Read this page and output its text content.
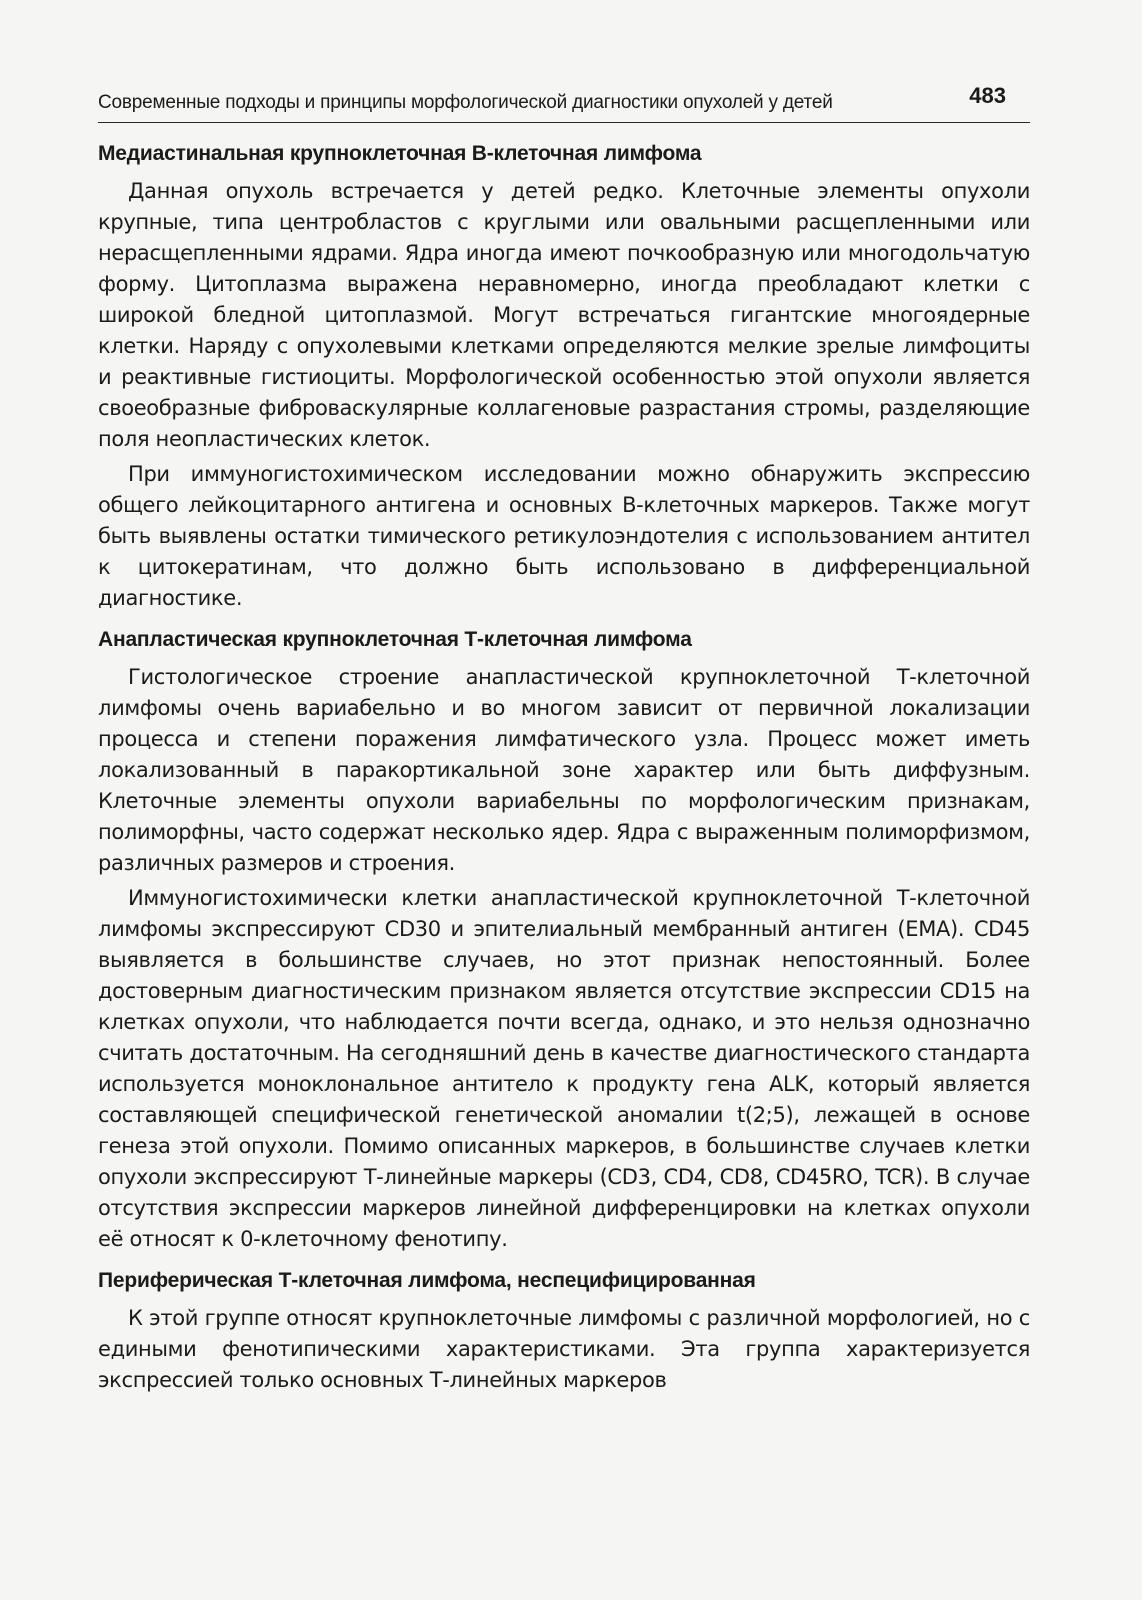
Современные подходы и принципы морфологической диагностики опухолей у детей	483
Медиастинальная крупноклеточная В-клеточная лимфома

Данная опухоль встречается у детей редко. Клеточные элементы опухоли крупные, типа центробластов с круглыми или овальными расщепленными или нерасщепленными ядрами. Ядра иногда имеют почкообразную или многодольчатую форму. Цитоплазма выражена неравномерно, иногда преобладают клетки с широкой бледной цитоплазмой. Могут встречаться гигантские многоядерные клетки. Наряду с опухолевыми клетками определяются мелкие зрелые лимфоциты и реактивные гистиоциты. Морфологической особенностью этой опухоли является своеобразные фиброваскулярные коллагеновые разрастания стромы, разделяющие поля неопластических клеток.

При иммуногистохимическом исследовании можно обнаружить экспрессию общего лейкоцитарного антигена и основных В-клеточных маркеров. Также могут быть выявлены остатки тимического ретикулоэндотелия с использованием антител к цитокератинам, что должно быть использовано в дифференциальной диагностике.

Анапластическая крупноклеточная Т-клеточная лимфома

Гистологическое строение анапластической крупноклеточной Т-клеточной лимфомы очень вариабельно и во многом зависит от первичной локализации процесса и степени поражения лимфатического узла. Процесс может иметь локализованный в паракортикальной зоне характер или быть диффузным. Клеточные элементы опухоли вариабельны по морфологическим признакам, полиморфны, часто содержат несколько ядер. Ядра с выраженным полиморфизмом, различных размеров и строения.

Иммуногистохимически клетки анапластической крупноклеточной Т-клеточной лимфомы экспрессируют CD30 и эпителиальный мембранный антиген (ЕМА). CD45 выявляется в большинстве случаев, но этот признак непостоянный. Более достоверным диагностическим признаком является отсутствие экспрессии CD15 на клетках опухоли, что наблюдается почти всегда, однако, и это нельзя однозначно считать достаточным. На сегодняшний день в качестве диагностического стандарта используется моноклональное антитело к продукту гена ALK, который является составляющей специфической генетической аномалии t(2;5), лежащей в основе генеза этой опухоли. Помимо описанных маркеров, в большинстве случаев клетки опухоли экспрессируют Т-линейные маркеры (CD3, CD4, CD8, CD45RO, TCR). В случае отсутствия экспрессии маркеров линейной дифференцировки на клетках опухоли её относят к 0-клеточному фенотипу.

Периферическая Т-клеточная лимфома, неспецифицированная

К этой группе относят крупноклеточные лимфомы с различной морфологией, но с едиными фенотипическими характеристиками. Эта группа характеризуется экспрессией только основных Т-линейных маркеров
